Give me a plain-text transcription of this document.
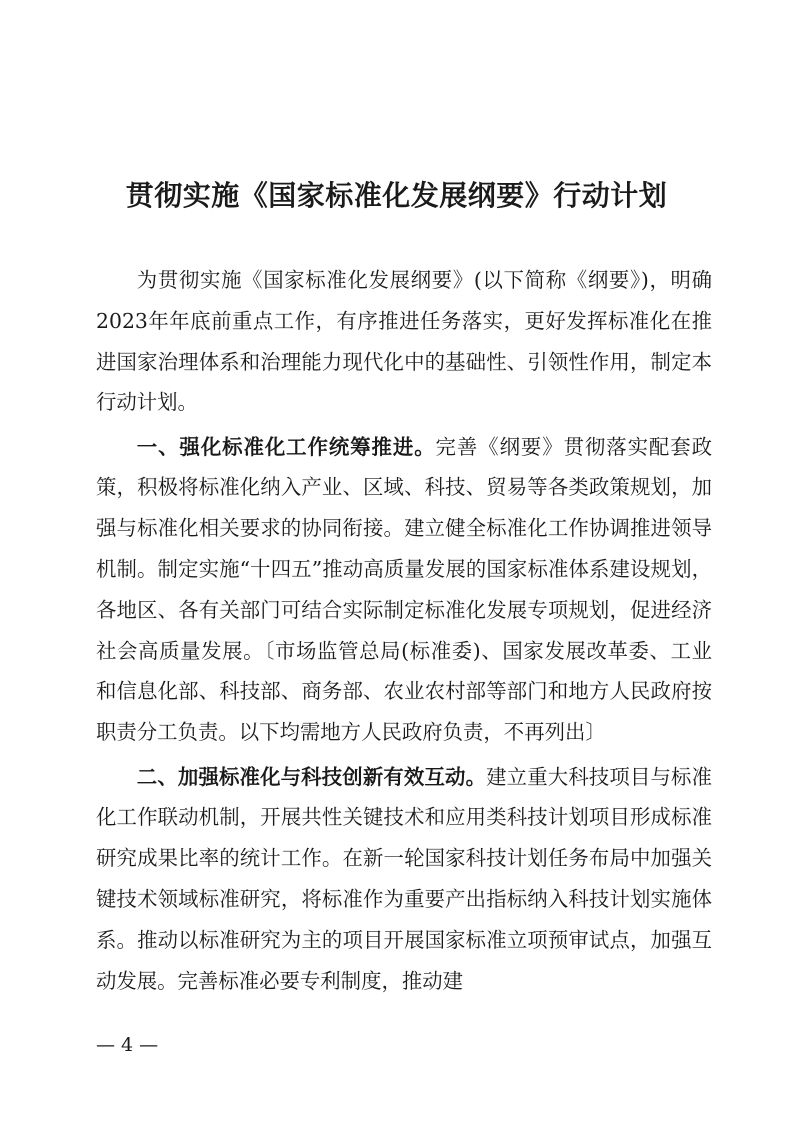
贯彻实施《国家标准化发展纲要》行动计划

为贯彻实施《国家标准化发展纲要》(以下简称《纲要》)，明确2023年年底前重点工作，有序推进任务落实，更好发挥标准化在推进国家治理体系和治理能力现代化中的基础性、引领性作用，制定本行动计划。

一、强化标准化工作统筹推进。完善《纲要》贯彻落实配套政策，积极将标准化纳入产业、区域、科技、贸易等各类政策规划，加强与标准化相关要求的协同衔接。建立健全标准化工作协调推进领导机制。制定实施“十四五”推动高质量发展的国家标准体系建设规划，各地区、各有关部门可结合实际制定标准化发展专项规划，促进经济社会高质量发展。〔市场监管总局(标准委)、国家发展改革委、工业和信息化部、科技部、商务部、农业农村部等部门和地方人民政府按职责分工负责。以下均需地方人民政府负责，不再列出〕

二、加强标准化与科技创新有效互动。建立重大科技项目与标准化工作联动机制，开展共性关键技术和应用类科技计划项目形成标准研究成果比率的统计工作。在新一轮国家科技计划任务布局中加强关键技术领域标准研究，将标准作为重要产出指标纳入科技计划实施体系。推动以标准研究为主的项目开展国家标准立项预审试点，加强互动发展。完善标准必要专利制度，推动建

— 4 —
